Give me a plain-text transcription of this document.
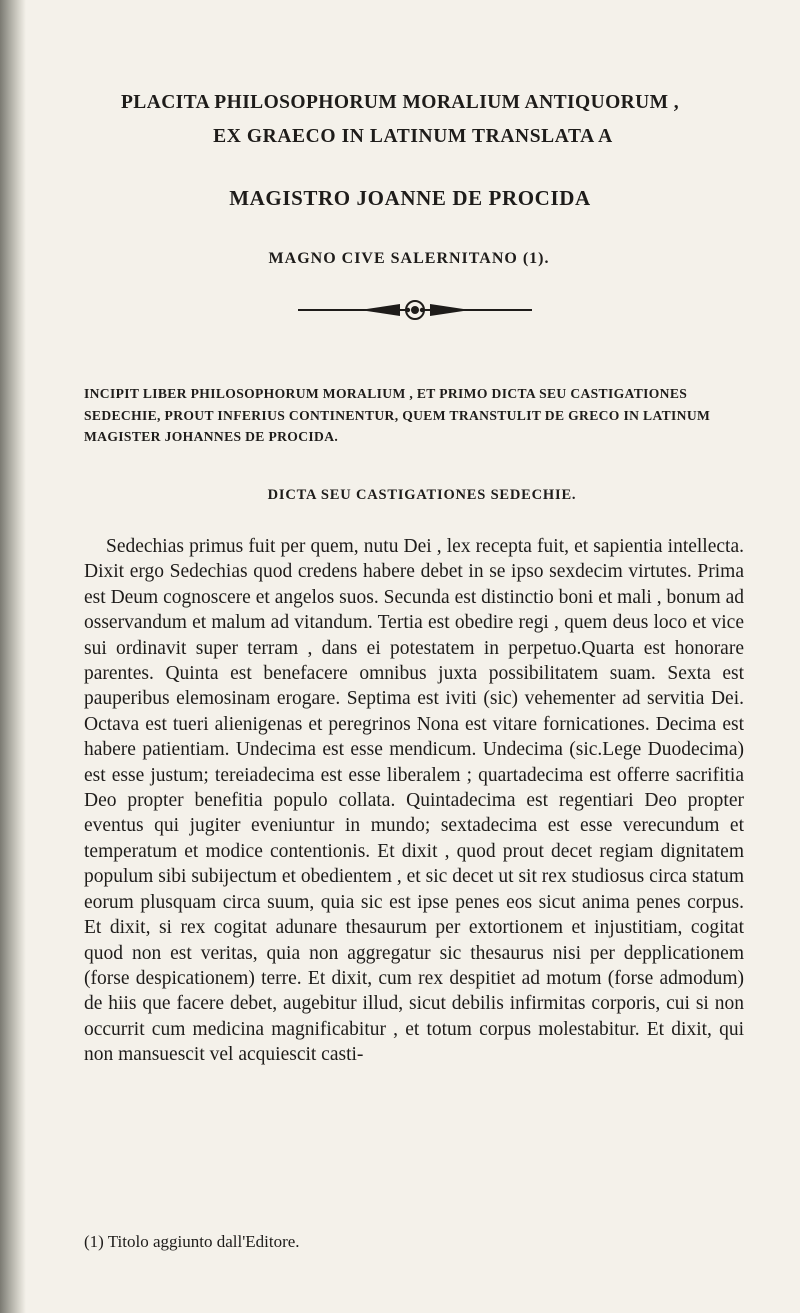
PLACITA PHILOSOPHORUM MORALIUM ANTIQUORUM ,
EX GRAECO IN LATINUM TRANSLATA A
MAGISTRO JOANNE DE PROCIDA
MAGNO CIVE SALERNITANO (1).
INCIPIT LIBER PHILOSOPHORUM MORALIUM , ET PRIMO DICTA SEU CASTIGATIONES SEDECHIE, PROUT INFERIUS CONTINENTUR, QUEM TRANSTULIT DE GRECO IN LATINUM MAGISTER JOHANNES DE PROCIDA.
DICTA SEU CASTIGATIONES SEDECHIE.

Sedechias primus fuit per quem, nutu Dei , lex recepta fuit, et sapientia intellecta. Dixit ergo Sedechias quod credens habere debet in se ipso sexdecim virtutes. Prima est Deum cognoscere et angelos suos. Secunda est distinctio boni et mali , bonum ad osservandum et malum ad vitandum. Tertia est obedire regi , quem deus loco et vice sui ordinavit super terram , dans ei potestatem in perpetuo.Quarta est honorare parentes. Quinta est benefacere omnibus juxta possibilitatem suam. Sexta est pauperibus elemosinam erogare. Septima est iviti (sic) vehementer ad servitia Dei. Octava est tueri alienigenas et peregrinos Nona est vitare fornicationes. Decima est habere patientiam. Undecima est esse mendicum. Undecima (sic.Lege Duodecima) est esse justum; tereiadecima est esse liberalem ; quartadecima est offerre sacrifitia Deo propter benefitia populo collata. Quintadecima est regentiari Deo propter eventus qui jugiter eveniuntur in mundo; sextadecima est esse verecundum et temperatum et modice contentionis. Et dixit , quod prout decet regiam dignitatem populum sibi subijectum et obedientem , et sic decet ut sit rex studiosus circa statum eorum plusquam circa suum, quia sic est ipse penes eos sicut anima penes corpus. Et dixit, si rex cogitat adunare thesaurum per extortionem et injustitiam, cogitat quod non est veritas, quia non aggregatur sic thesaurus nisi per depplicationem (forse despicationem) terre. Et dixit, cum rex despitiet ad motum (forse admodum) de hiis que facere debet, augebitur illud, sicut debilis infirmitas corporis, cui si non occurrit cum medicina magnificabitur , et totum corpus molestabitur. Et dixit, qui non mansuescit vel acquiescit casti-

(1) Titolo aggiunto dall'Editore.
